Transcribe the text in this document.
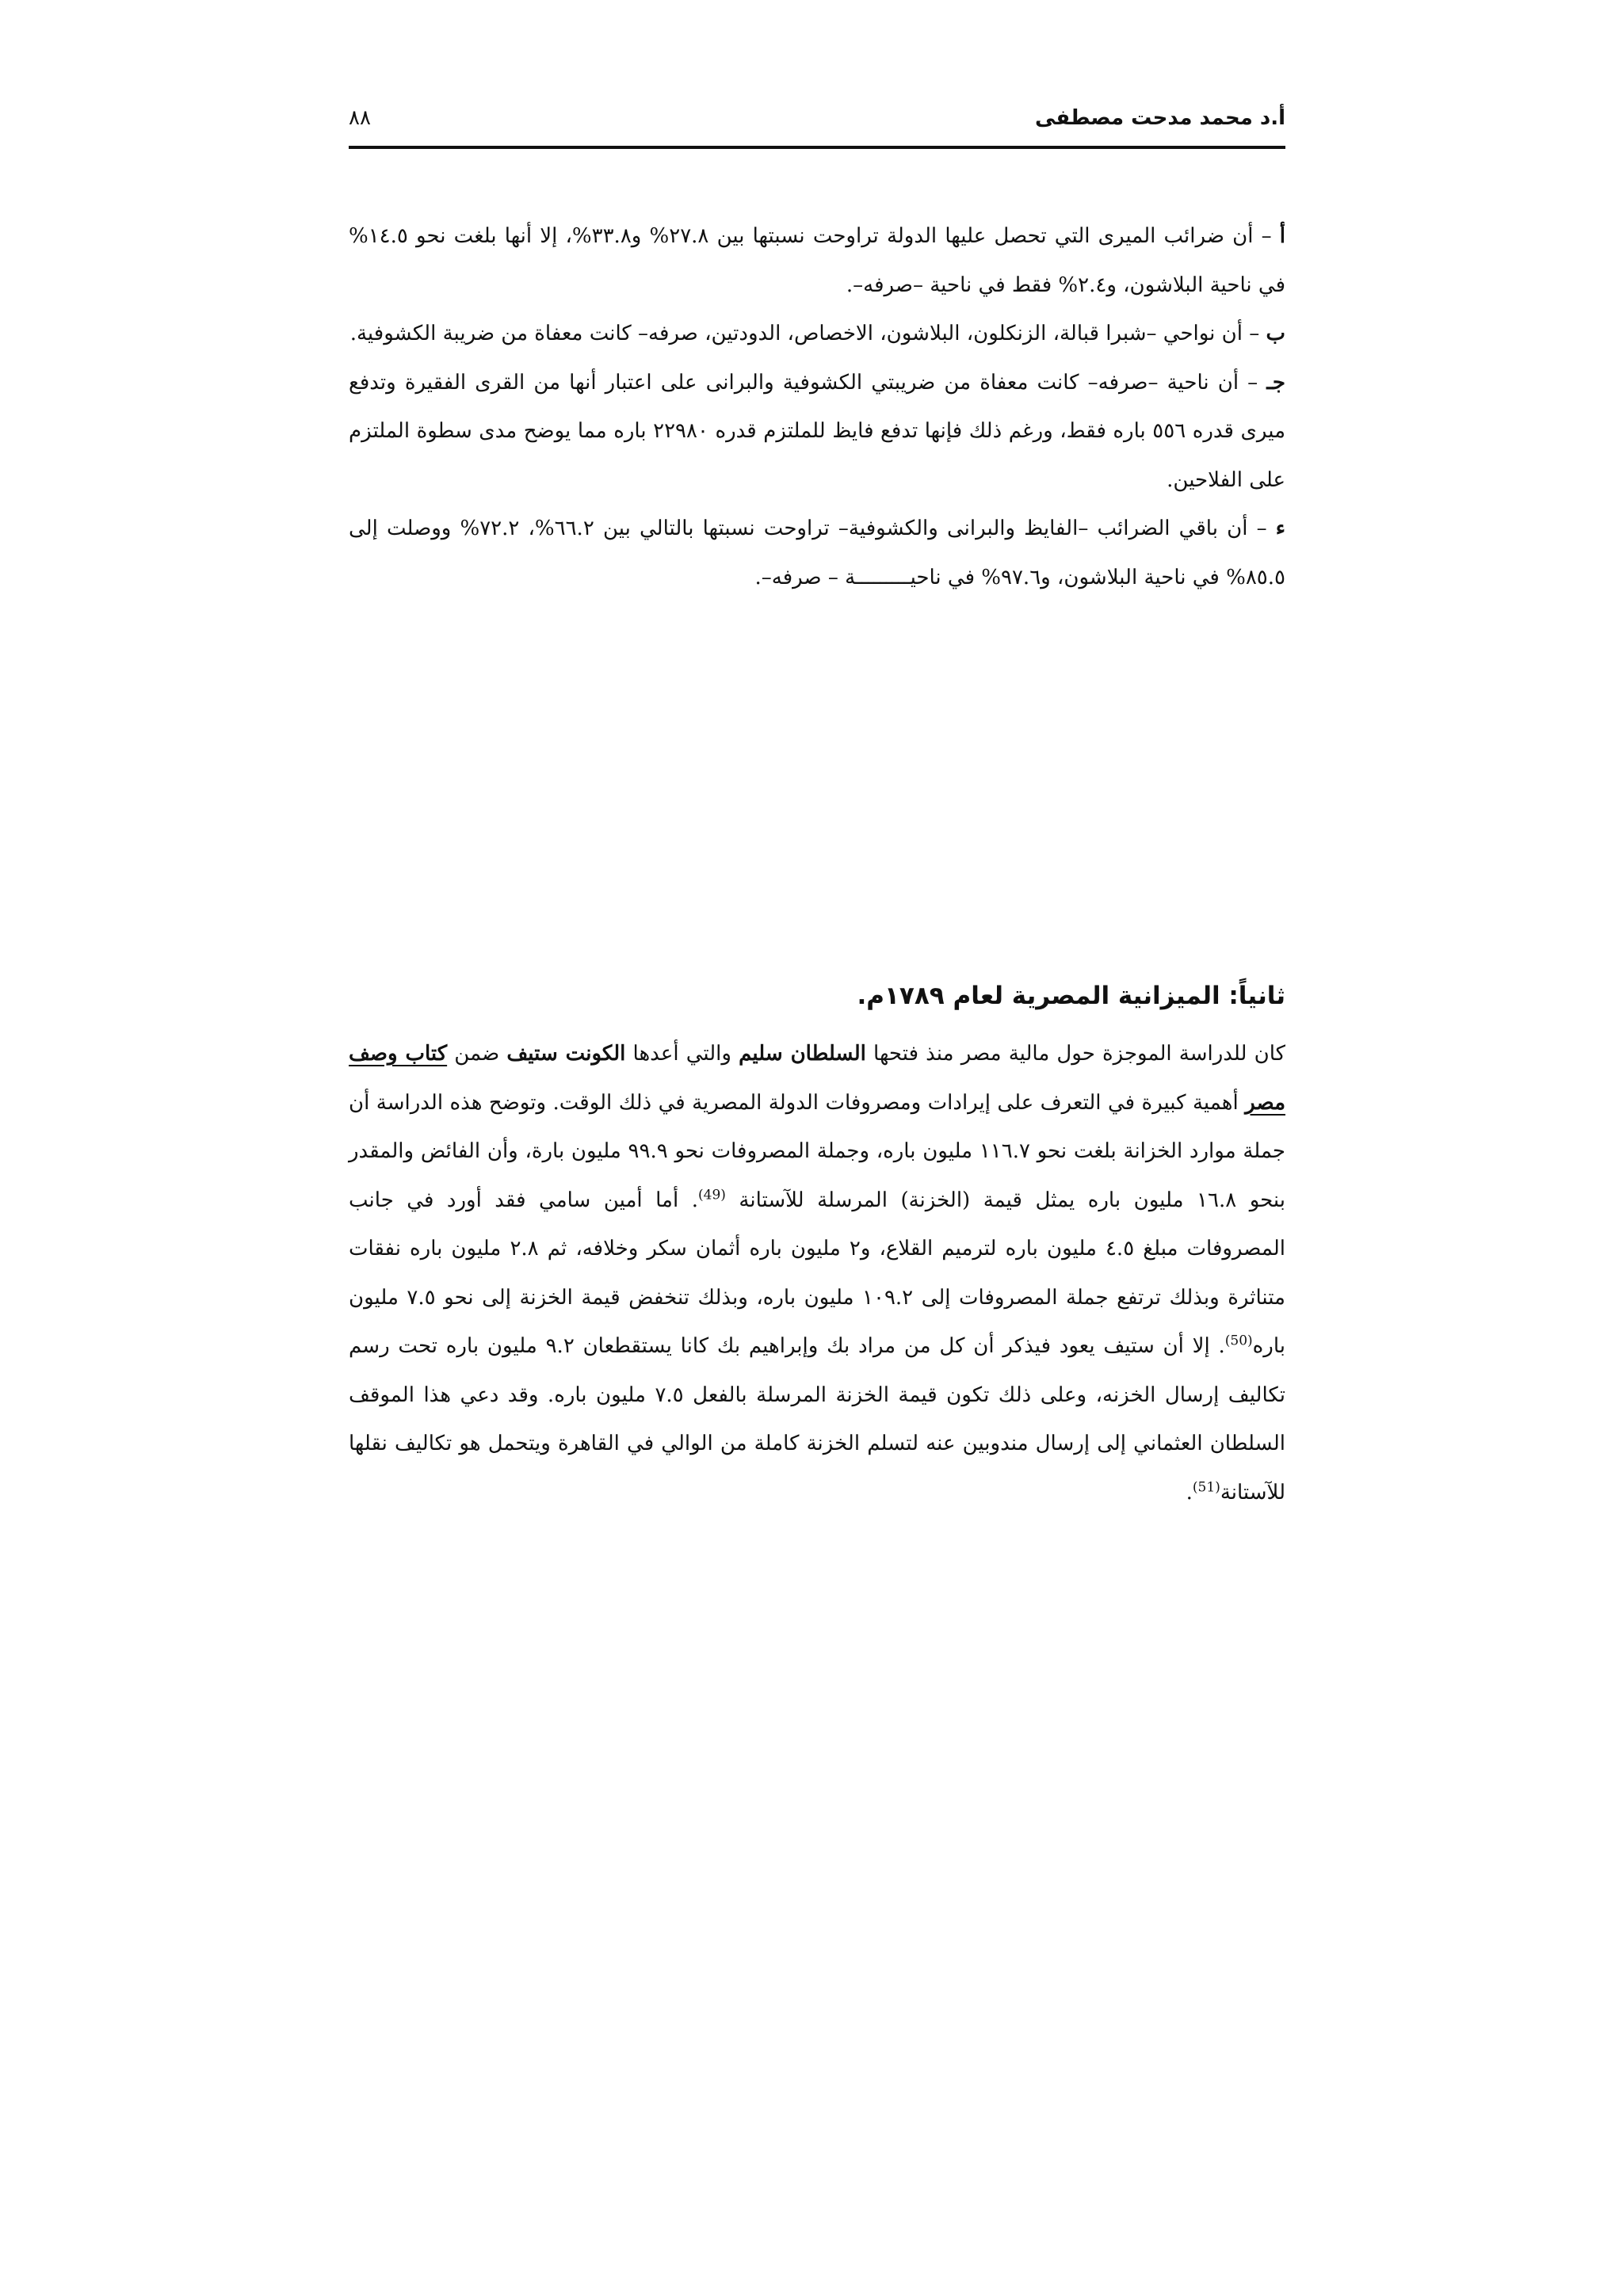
أ.د محمد مدحت مصطفى
٨٨

أ – أن ضرائب الميرى التي تحصل عليها الدولة تراوحت نسبتها بين ٢٧.٨% و٣٣.٨%، إلا أنها بلغت نحو ١٤.٥% في ناحية البلاشون، و٢.٤% فقط في ناحية –صرفه–.

ب – أن نواحي –شبرا قبالة، الزنكلون، البلاشون، الاخصاص، الدودتين، صرفه– كانت معفاة من ضريبة الكشوفية.

جـ – أن ناحية –صرفه– كانت معفاة من ضريبتي الكشوفية والبرانى على اعتبار أنها من القرى الفقيرة وتدفع ميرى قدره ٥٥٦ باره فقط، ورغم ذلك فإنها تدفع فايظ للملتزم قدره ٢٢٩٨٠ باره مما يوضح مدى سطوة الملتزم على الفلاحين.

ء – أن باقي الضرائب –الفايظ والبرانى والكشوفية– تراوحت نسبتها بالتالي بين ٦٦.٢%، ٧٢.٢% ووصلت إلى ٨٥.٥% في ناحية البلاشون، و٩٧.٦% في ناحيـــــــــة – صرفه–.

ثانياً: الميزانية المصرية لعام ١٧٨٩م.

كان للدراسة الموجزة حول مالية مصر منذ فتحها السلطان سليم والتي أعدها الكونت ستيف ضمن كتاب وصف مصر أهمية كبيرة في التعرف على إيرادات ومصروفات الدولة المصرية في ذلك الوقت. وتوضح هذه الدراسة أن جملة موارد الخزانة بلغت نحو ١١٦.٧ مليون باره، وجملة المصروفات نحو ٩٩.٩ مليون بارة، وأن الفائض والمقدر بنحو ١٦.٨ مليون باره يمثل قيمة (الخزنة) المرسلة للآستانة $^{(49)}$. أما أمين سامي فقد أورد في جانب المصروفات مبلغ ٤.٥ مليون باره لترميم القلاع، و٢ مليون باره أثمان سكر وخلافه، ثم ٢.٨ مليون باره نفقات متناثرة وبذلك ترتفع جملة المصروفات إلى ١٠٩.٢ مليون باره، وبذلك تنخفض قيمة الخزنة إلى نحو ٧.٥ مليون باره$^{(50)}$. إلا أن ستيف يعود فيذكر أن كل من مراد بك وإبراهيم بك كانا يستقطعان ٩.٢ مليون باره تحت رسم تكاليف إرسال الخزنه، وعلى ذلك تكون قيمة الخزنة المرسلة بالفعل ٧.٥ مليون باره. وقد دعي هذا الموقف السلطان العثماني إلى إرسال مندوبين عنه لتسلم الخزنة كاملة من الوالي في القاهرة ويتحمل هو تكاليف نقلها للآستانة$^{(51)}$.
